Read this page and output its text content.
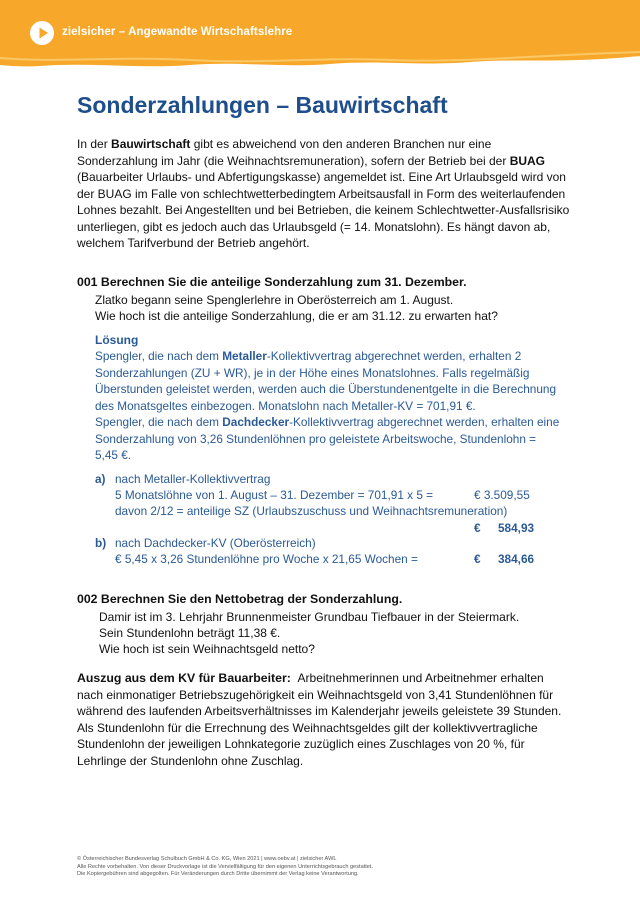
zielsicher – Angewandte Wirtschaftslehre
Sonderzahlungen – Bauwirtschaft
In der Bauwirtschaft gibt es abweichend von den anderen Branchen nur eine
Sonderzahlung im Jahr (die Weihnachtsremuneration), sofern der Betrieb bei der BUAG
(Bauarbeiter Urlaubs- und Abfertigungskasse) angemeldet ist. Eine Art Urlaubsgeld wird von
der BUAG im Falle von schlechtwetterbedingtem Arbeitsausfall in Form des weiterlaufenden
Lohnes bezahlt. Bei Angestellten und bei Betrieben, die keinem Schlechtwetter-Ausfallsrisiko
unterliegen, gibt es jedoch auch das Urlaubsgeld (= 14. Monatslohn). Es hängt davon ab,
welchem Tarifverbund der Betrieb angehört.
001 Berechnen Sie die anteilige Sonderzahlung zum 31. Dezember.
Zlatko begann seine Spenglerlehre in Oberösterreich am 1. August.
Wie hoch ist die anteilige Sonderzahlung, die er am 31.12. zu erwarten hat?
Lösung
Spengler, die nach dem Metaller-Kollektivvertrag abgerechnet werden, erhalten 2
Sonderzahlungen (ZU + WR), je in der Höhe eines Monatslohnes. Falls regelmäßig
Überstunden geleistet werden, werden auch die Überstundenentgelte in die Berechnung
des Monatsgeltes einbezogen. Monatslohn nach Metaller-KV = 701,91 €.
Spengler, die nach dem Dachdecker-Kollektivvertrag abgerechnet werden, erhalten eine
Sonderzahlung von 3,26 Stundenlöhnen pro geleistete Arbeitswoche, Stundenlohn =
5,45 €.
a) nach Metaller-Kollektivvertrag
5 Monatslöhne von 1. August – 31. Dezember = 701,91 x 5 =	€ 3.509,55
davon 2/12 = anteilige SZ (Urlaubszuschuss und Weihnachtsremuneration)
€ 584,93
b) nach Dachdecker-KV (Oberösterreich)
€ 5,45 x 3,26 Stundenlöhne pro Woche x 21,65 Wochen =	€ 384,66
002 Berechnen Sie den Nettobetrag der Sonderzahlung.
Damir ist im 3. Lehrjahr Brunnenmeister Grundbau Tiefbauer in der Steiermark.
Sein Stundenlohn beträgt 11,38 €.
Wie hoch ist sein Weihnachtsgeld netto?
Auszug aus dem KV für Bauarbeiter: Arbeitnehmerinnen und Arbeitnehmer erhalten
nach einmonatiger Betriebszugehörigkeit ein Weihnachtsgeld von 3,41 Stundenlöhnen für
während des laufenden Arbeitsverhältnisses im Kalenderjahr jeweils geleistete 39 Stunden.
Als Stundenlohn für die Errechnung des Weihnachtsgeldes gilt der kollektivvertragliche
Stundenlohn der jeweiligen Lohnkategorie zuzüglich eines Zuschlages von 20 %, für
Lehrlinge der Stundenlohn ohne Zuschlag.
© Österreichischer Bundesverlag Schulbuch GmbH & Co. KG, Wien 2021 | www.oebv.at | zielsicher AWL
Alle Rechte vorbehalten. Von dieser Druckvorlage ist die Vervielfältigung für den eigenen Unterrichtsgebrauch gestattet.
Die Kopiergebühren sind abgegolten. Für Veränderungen durch Dritte übernimmt der Verlag keine Verantwortung.
